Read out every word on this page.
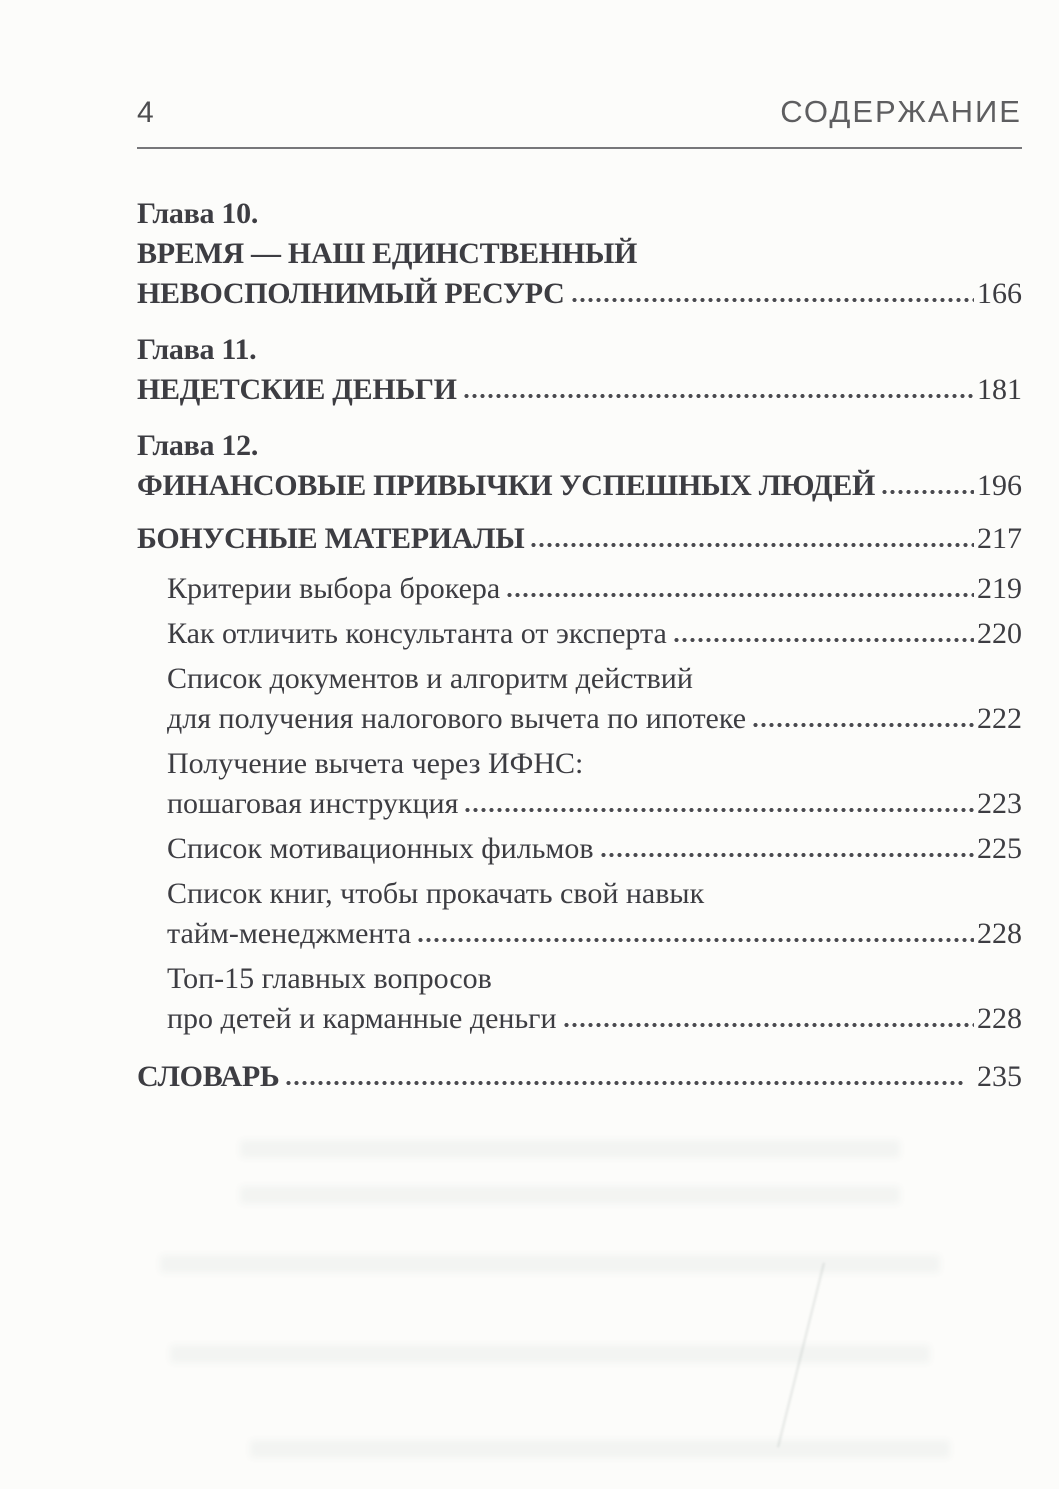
4	СОДЕРЖАНИЕ
Глава 10.
ВРЕМЯ — НАШ ЕДИНСТВЕННЫЙ
НЕВОСПОЛНИМЫЙ РЕСУРС	166
Глава 11.
НЕДЕТСКИЕ ДЕНЬГИ	181
Глава 12.
ФИНАНСОВЫЕ ПРИВЫЧКИ УСПЕШНЫХ ЛЮДЕЙ	196
БОНУСНЫЕ МАТЕРИАЛЫ	217
Критерии выбора брокера	219
Как отличить консультанта от эксперта	220
Список документов и алгоритм действий
для получения налогового вычета по ипотеке	222
Получение вычета через ИФНС:
пошаговая инструкция	223
Список мотивационных фильмов	225
Список книг, чтобы прокачать свой навык
тайм-менеджмента	228
Топ-15 главных вопросов
про детей и карманные деньги	228
СЛОВАРЬ	235
